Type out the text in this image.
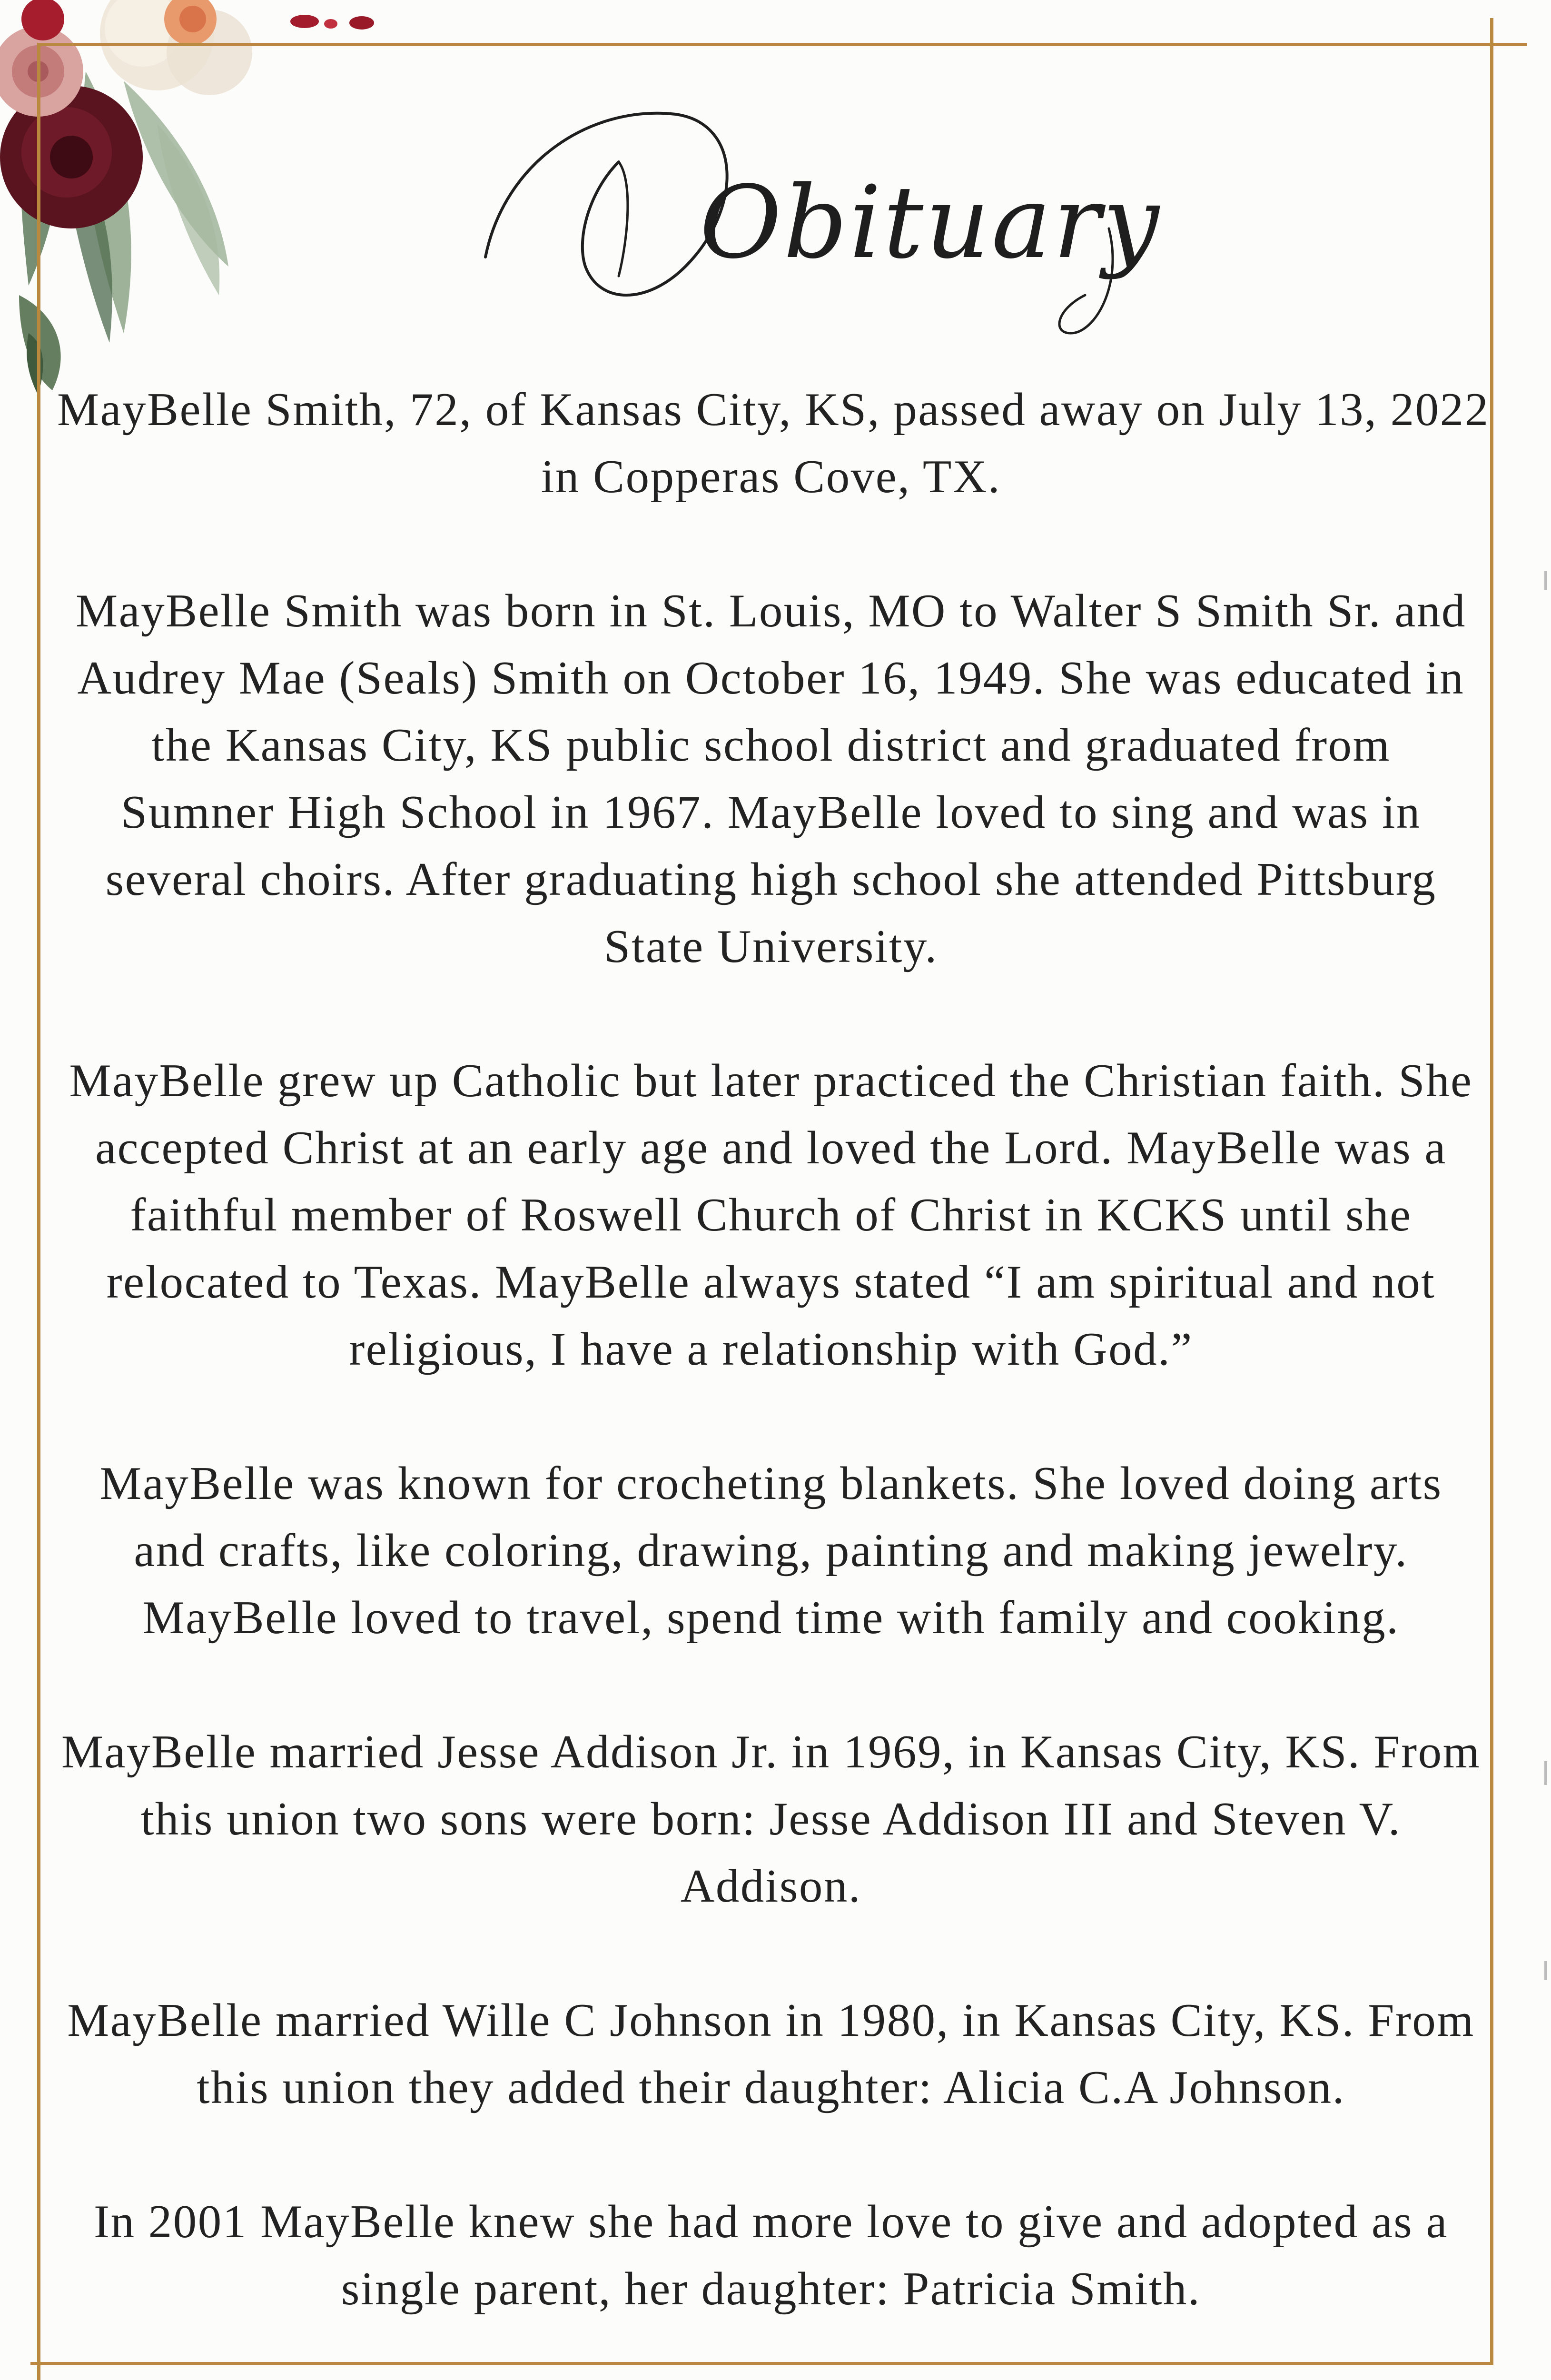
Obituary
MayBelle Smith, 72, of Kansas City, KS, passed away on July 13, 2022
in Copperas Cove, TX.
MayBelle Smith was born in St. Louis, MO to Walter S Smith Sr. and
Audrey Mae (Seals) Smith on October 16, 1949. She was educated in
the Kansas City, KS public school district and graduated from
Sumner High School in 1967. MayBelle loved to sing and was in
several choirs. After graduating high school she attended Pittsburg
State University.
MayBelle grew up Catholic but later practiced the Christian faith. She
accepted Christ at an early age and loved the Lord. MayBelle was a
faithful member of Roswell Church of Christ in KCKS until she
relocated to Texas. MayBelle always stated “I am spiritual and not
religious, I have a relationship with God.”
MayBelle was known for crocheting blankets. She loved doing arts
and crafts, like coloring, drawing, painting and making jewelry.
MayBelle loved to travel, spend time with family and cooking.
MayBelle married Jesse Addison Jr. in 1969, in Kansas City, KS. From
this union two sons were born: Jesse Addison III and Steven V.
Addison.
MayBelle married Wille C Johnson in 1980, in Kansas City, KS. From
this union they added their daughter: Alicia C.A Johnson.
In 2001 MayBelle knew she had more love to give and adopted as a
single parent, her daughter: Patricia Smith.
